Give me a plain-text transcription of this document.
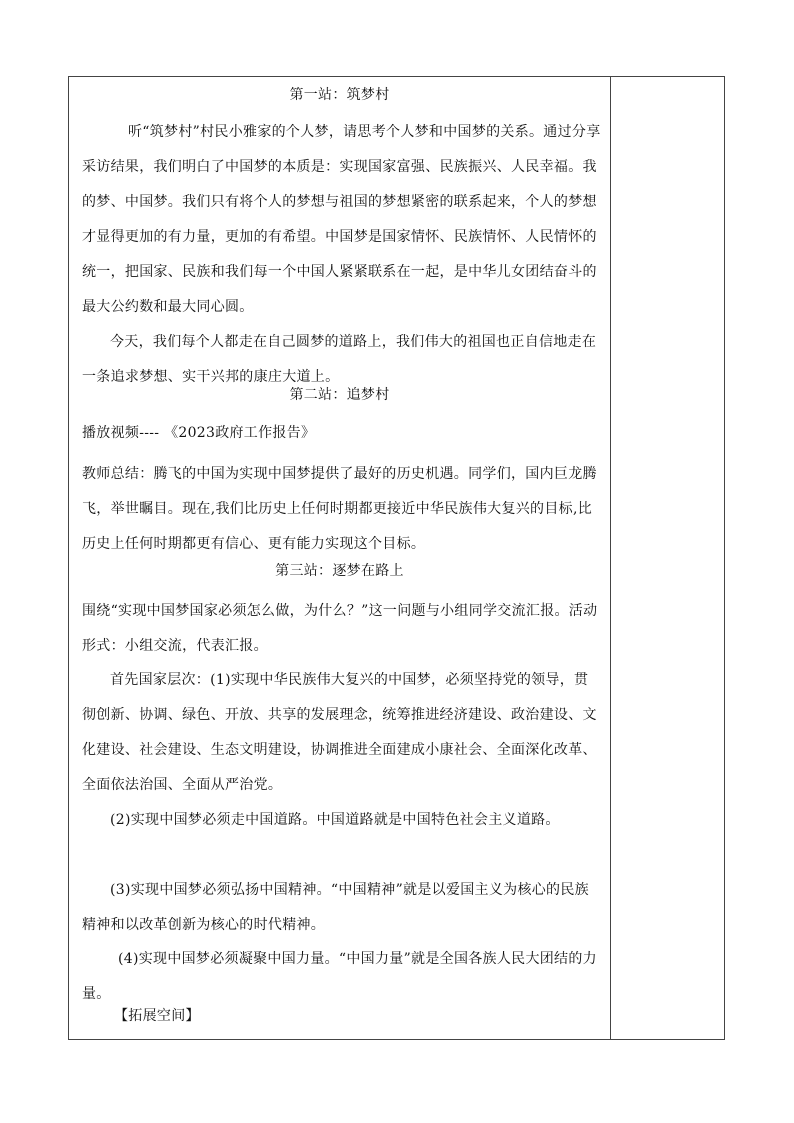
第一站：筑梦村
听“筑梦村”村民小雅家的个人梦，请思考个人梦和中国梦的关系。通过分享采访结果，我们明白了中国梦的本质是：实现国家富强、民族振兴、人民幸福。我的梦、中国梦。我们只有将个人的梦想与祖国的梦想紧密的联系起来，个人的梦想才显得更加的有力量，更加的有希望。中国梦是国家情怀、民族情怀、人民情怀的统一，把国家、民族和我们每一个中国人紧紧联系在一起，是中华儿女团结奋斗的最大公约数和最大同心圆。
今天，我们每个人都走在自己圆梦的道路上，我们伟大的祖国也正自信地走在一条追求梦想、实干兴邦的康庄大道上。
第二站：追梦村
播放视频---- 《2023政府工作报告》
教师总结：腾飞的中国为实现中国梦提供了最好的历史机遇。同学们，国内巨龙腾飞，举世瞩目。现在,我们比历史上任何时期都更接近中华民族伟大复兴的目标,比历史上任何时期都更有信心、更有能力实现这个目标。
第三站：逐梦在路上
围绕“实现中国梦国家必须怎么做，为什么？”这一问题与小组同学交流汇报。活动形式：小组交流，代表汇报。
首先国家层次：(1)实现中华民族伟大复兴的中国梦，必须坚持党的领导，贯彻创新、协调、绿色、开放、共享的发展理念，统筹推进经济建设、政治建设、文化建设、社会建设、生态文明建设，协调推进全面建成小康社会、全面深化改革、全面依法治国、全面从严治党。
(2)实现中国梦必须走中国道路。中国道路就是中国特色社会主义道路。
(3)实现中国梦必须弘扬中国精神。“中国精神”就是以爱国主义为核心的民族精神和以改革创新为核心的时代精神。
(4)实现中国梦必须凝聚中国力量。“中国力量”就是全国各族人民大团结的力量。
【拓展空间】
